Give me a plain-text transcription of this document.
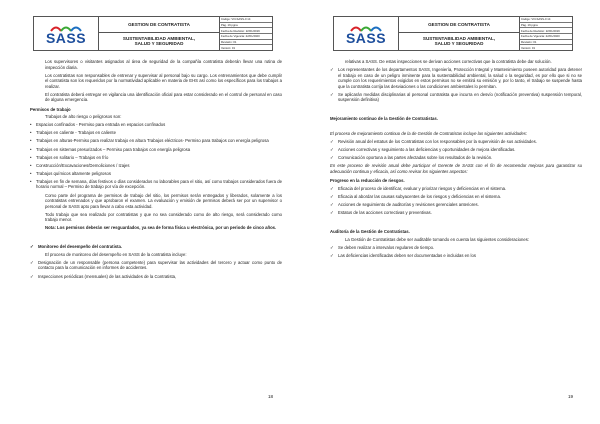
SASS
GESTION DE CONTRATISTA
SUSTENTABILIDAD AMBIENTAL,
SALUD Y SEGURIDAD
Código: VIII-SASS-0 14
Pág. 19 pgna
Fecha de Revisión: 22/01/2019
Fecha de Vigencia: 22/01/2020
Revisión: 01
Versión: 01

Los supervisores o visitantes asignados al área de seguridad de la compañía contratista deberán llevar una rutina de inspección diaria.

Los contratistas son responsables de entrenar y supervisar al personal bajo su cargo. Los entrenamientos que debe cumplir el contratista son los requeridos por la normatividad aplicable en materia de EHS así como los específicos para los trabajos a realizar.

El contratista deberá entregar en vigilancia una identificación oficial para estar considerado en el control de personal en caso de alguna emergencia.

Permisos de trabajo

Trabajos de alto riesgo o peligrosos son:

• Espacios confinados - Permiso para entrada en espacios confinados

• Trabajos en caliente - Trabajos en caliente

• Trabajos en alturas-Permiso para realizar trabajo en altura Trabajos eléctricos- Permiso para trabajos con energía peligrosa

• Trabajos en sistemas presurizados – Permiso para trabajos con energía peligrosa

• Trabajos en solitario – Trabajos en frío

• Construcción/Excavaciones/Demoliciones / Izajes

• Trabajos químicos altamente peligrosos

• Trabajos en fin de semana, días festivos o días considerados no laborables para el sitio, así como trabajos considerados fuera de horario normal – Permiso de trabajo por vía de excepción.

Como parte del programa de permisos de trabajo del sitio, los permisos serán entregados y liberados, solamente a los contratistas entrenados y que aprobaron el examen. La evaluación y emisión de permisos deberá ser por un supervisor o personal de SASS apto para llevar a cabo esta actividad.

Todo trabajo que sea realizado por contratistas y que no sea considerado como de alto riesgo, será considerado como trabajo menor.

Nota: Los permisos deberán ser resguardados, ya sea de forma física u electrónica, por un periodo de cinco años.

✓ Monitoreo del desempeño del contratista.

El proceso de monitoreo del desempeño en SASS de la contratista incluye:

✓ Designación de un responsable (persona competente) para supervisar las actividades del tercero y actuar como punto de contacto para la comunicación en informes de accidentes.

✓ Inspecciones periódicas (mensuales) de las actividades de la Contratista,

18
SASS
GESTION DE CONTRATISTA
SUSTENTABILIDAD AMBIENTAL,
SALUD Y SEGURIDAD
Código: VIII-SASS-0 14
Pág. 19 pgna
Fecha de Revisión: 22/01/2019
Fecha de Vigencia: 22/01/2020
Revisión: 01
Versión: 01

relativas a SASS. De estas inspecciones se derivan acciones correctivas que la contratista debe dar solución.

✓ Los representantes de los departamentos SASS, Ingeniería, Protección Integral y Mantenimiento poseen autoridad para detener el trabajo en caso de un peligro inminente para la sustentabilidad ambiental, la salud o la seguridad, es por ello que si no se cumple con los requerimientos exigidos en estos permisos no se emitirá su emisión y, por lo tanto, el trabajo se suspende hasta que la contratista corrija las desviaciones o las condiciones ambientales lo permitan.

✓ Se aplicarán medidas disciplinarias al personal contratista que incurra en desvío (notificación preventiva) suspensión temporal, suspensión definitiva)

Mejoramiento continuo de la Gestión de Contratistas.

El proceso de mejoramiento continuo de la de Gestión de Contratistas incluye las siguientes actividades:

✓ Revisión anual del estatus de los Contratistas con los responsables por la supervisión de sus actividades.

✓ Acciones correctivas y seguimiento a las deficiencias y oportunidades de mejora identificadas.

✓ Comunicación oportuna a las partes afectadas sobre los resultados de la revisión.

En este proceso de revisión anual debe participar el Gerente de SASS con el fin de recomendar mejoras para garantizar su adecuación continua y eficacia, así como revisar los siguientes aspectos:

Progreso en la reducción de riesgos.

✓ Eficacia del proceso de identificar, evaluar y priorizar riesgos y deficiencias en el sistema.

✓ Eficacia al abordar las causas subyacentes de los riesgos y deficiencias en el sistema.

✓ Acciones de seguimiento de auditorías y revisiones gerenciales anteriores.

✓ Estatus de las acciones correctivas y preventivas.

Auditoría de la Gestión de Contratistas.

La Gestión de Contratistas debe ser auditable tomando en cuenta las siguientes consideraciones:

✓ Se deben realizar a intervalos regulares de tiempo.

✓ Las deficiencias identificadas deben ser documentadas e incluidas en los

19
